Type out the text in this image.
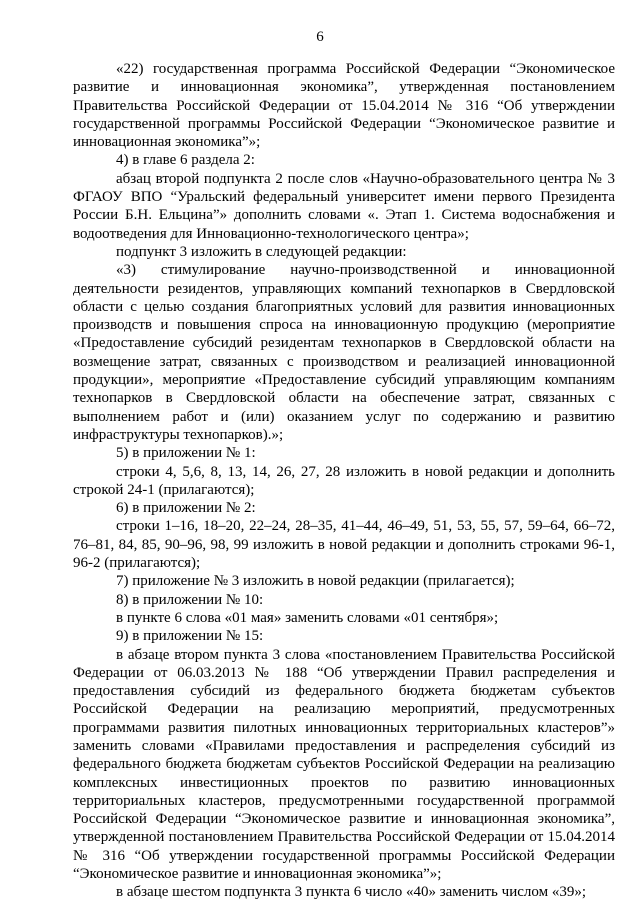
6

«22) государственная программа Российской Федерации “Экономическое развитие и инновационная экономика”, утвержденная постановлением Правительства Российской Федерации от 15.04.2014 № 316 “Об утверждении государственной программы Российской Федерации “Экономическое развитие и инновационная экономика”»;

4) в главе 6 раздела 2:

абзац второй подпункта 2 после слов «Научно-образовательного центра № 3 ФГАОУ ВПО “Уральский федеральный университет имени первого Президента России Б.Н. Ельцина”» дополнить словами «. Этап 1. Система водоснабжения и водоотведения для Инновационно-технологического центра»;

подпункт 3 изложить в следующей редакции:

«3) стимулирование научно-производственной и инновационной деятельности резидентов, управляющих компаний технопарков в Свердловской области с целью создания благоприятных условий для развития инновационных производств и повышения спроса на инновационную продукцию (мероприятие «Предоставление субсидий резидентам технопарков в Свердловской области на возмещение затрат, связанных с производством и реализацией инновационной продукции», мероприятие «Предоставление субсидий управляющим компаниям технопарков в Свердловской области на обеспечение затрат, связанных с выполнением работ и (или) оказанием услуг по содержанию и развитию инфраструктуры технопарков).»;

5) в приложении № 1:

строки 4, 5,6, 8, 13, 14, 26, 27, 28 изложить в новой редакции и дополнить строкой 24-1 (прилагаются);

6) в приложении № 2:

строки 1–16, 18–20, 22–24, 28–35, 41–44, 46–49, 51, 53, 55, 57, 59–64, 66–72, 76–81, 84, 85, 90–96, 98, 99 изложить в новой редакции и дополнить строками 96-1, 96-2 (прилагаются);

7) приложение № 3 изложить в новой редакции (прилагается);

8) в приложении № 10:

в пункте 6 слова «01 мая» заменить словами «01 сентября»;

9) в приложении № 15:

в абзаце втором пункта 3 слова «постановлением Правительства Российской Федерации от 06.03.2013 № 188 “Об утверждении Правил распределения и предоставления субсидий из федерального бюджета бюджетам субъектов Российской Федерации на реализацию мероприятий, предусмотренных программами развития пилотных инновационных территориальных кластеров”» заменить словами «Правилами предоставления и распределения субсидий из федерального бюджета бюджетам субъектов Российской Федерации на реализацию комплексных инвестиционных проектов по развитию инновационных территориальных кластеров, предусмотренными государственной программой Российской Федерации “Экономическое развитие и инновационная экономика”, утвержденной постановлением Правительства Российской Федерации от 15.04.2014 № 316 “Об утверждении государственной программы Российской Федерации “Экономическое развитие и инновационная экономика”»;

в абзаце шестом подпункта 3 пункта 6 число «40» заменить числом «39»;
